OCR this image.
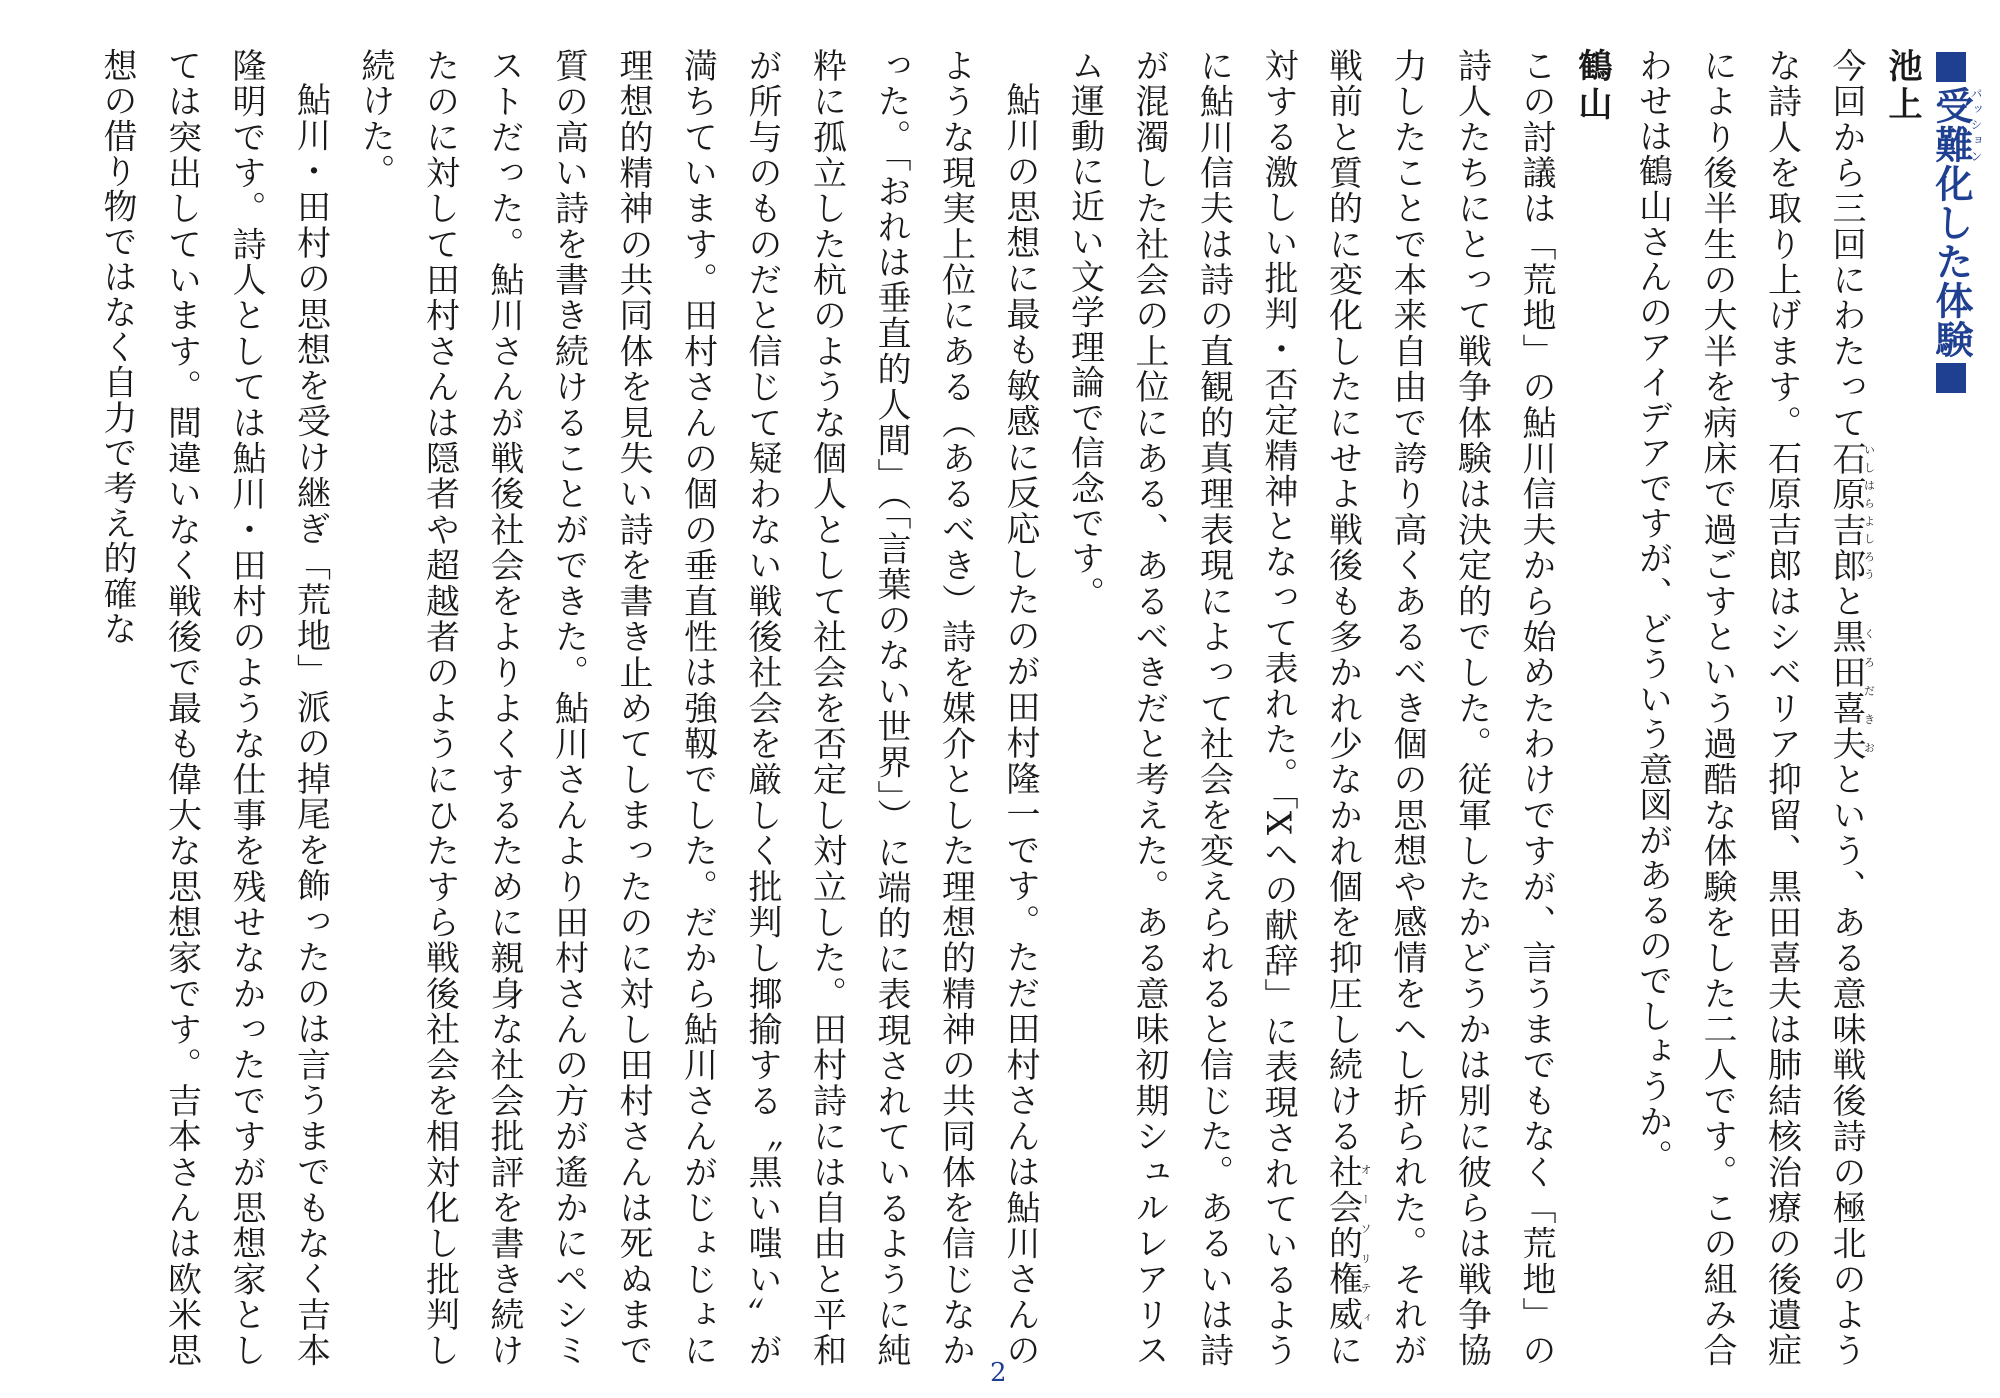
受難パッション化した体験
池上

今回から三回にわたって石原吉郎いしはらよしろうと黒田喜夫くろだきおという、ある意味戦後詩の極北のような詩人を取り上げます。石原吉郎はシベリア抑留、黒田喜夫は肺結核治療の後遺症により後半生の大半を病床で過ごすという過酷な体験をした二人です。この組み合わせは鶴山さんのアイデアですが、どういう意図があるのでしょうか。

鶴山

この討議は「荒地」の鮎川信夫から始めたわけですが、言うまでもなく「荒地」の詩人たちにとって戦争体験は決定的でした。従軍したかどうかは別に彼らは戦争協力したことで本来自由で誇り高くあるべき個の思想や感情をへし折られた。それが戦前と質的に変化したにせよ戦後も多かれ少なかれ個を抑圧し続ける社会的権威オーソリティに対する激しい批判・否定精神となって表れた。「Xへの献辞」に表現されているように鮎川信夫は詩の直観的真理表現によって社会を変えられると信じた。あるいは詩が混濁した社会の上位にある、あるべきだと考えた。ある意味初期シュルレアリスム運動に近い文学理論で信念です。

鮎川の思想に最も敏感に反応したのが田村隆一です。ただ田村さんは鮎川さんのような現実上位にある（あるべき）詩を媒介とした理想的精神の共同体を信じなかった。「おれは垂直的人間」（「言葉のない世界」）に端的に表現されているように純粋に孤立した杭のような個人として社会を否定し対立した。田村詩には自由と平和が所与のものだと信じて疑わない戦後社会を厳しく批判し揶揄する〝黒い嗤い〟が満ちています。田村さんの個の垂直性は強靱でした。だから鮎川さんがじょじょに理想的精神の共同体を見失い詩を書き止めてしまったのに対し田村さんは死ぬまで質の高い詩を書き続けることができた。鮎川さんより田村さんの方が遙かにペシミストだった。鮎川さんが戦後社会をよりよくするために親身な社会批評を書き続けたのに対して田村さんは隠者や超越者のようにひたすら戦後社会を相対化し批判し続けた。

鮎川・田村の思想を受け継ぎ「荒地」派の掉尾を飾ったのは言うまでもなく吉本隆明です。詩人としては鮎川・田村のような仕事を残せなかったですが思想家としては突出しています。間違いなく戦後で最も偉大な思想家です。吉本さんは欧米思想の借り物ではなく自力で考え的確な

2
